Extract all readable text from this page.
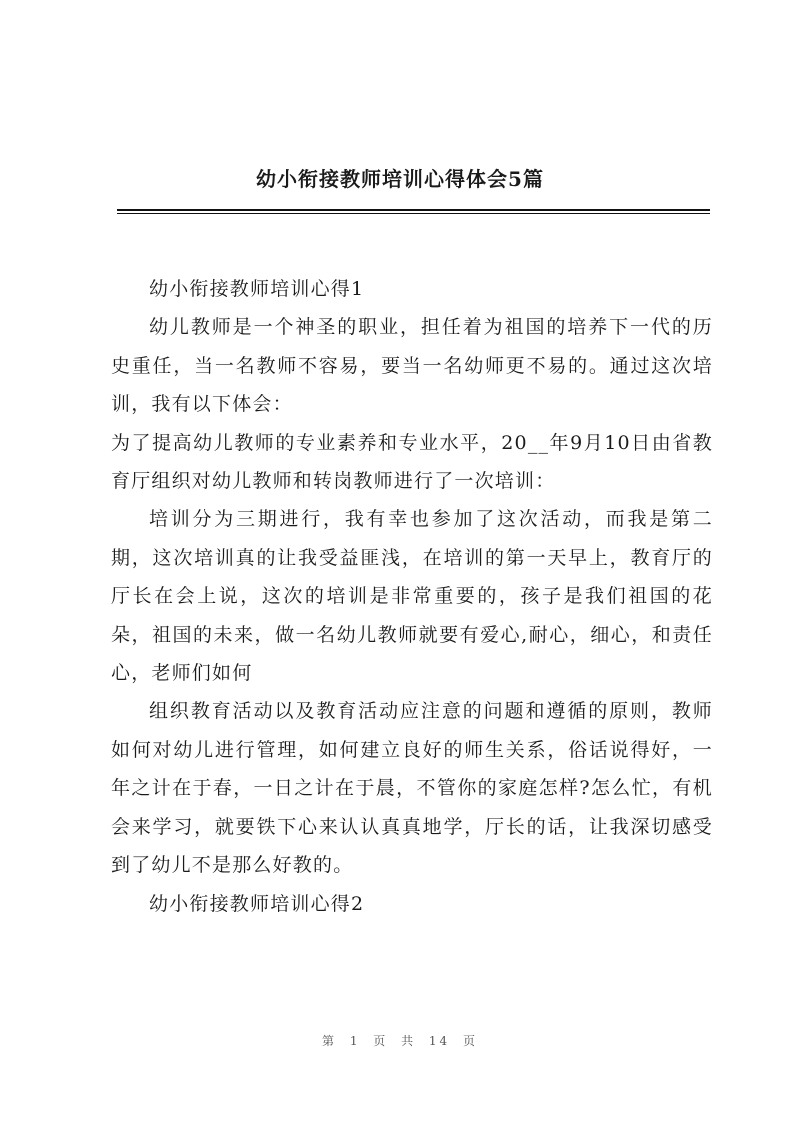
幼小衔接教师培训心得体会5篇

幼小衔接教师培训心得1

幼儿教师是一个神圣的职业，担任着为祖国的培养下一代的历史重任，当一名教师不容易，要当一名幼师更不易的。通过这次培训，我有以下体会：

为了提高幼儿教师的专业素养和专业水平，20__年9月10日由省教育厅组织对幼儿教师和转岗教师进行了一次培训：

培训分为三期进行，我有幸也参加了这次活动，而我是第二期，这次培训真的让我受益匪浅，在培训的第一天早上，教育厅的厅长在会上说，这次的培训是非常重要的，孩子是我们祖国的花朵，祖国的未来，做一名幼儿教师就要有爱心,耐心，细心，和责任心，老师们如何

组织教育活动以及教育活动应注意的问题和遵循的原则，教师如何对幼儿进行管理，如何建立良好的师生关系，俗话说得好，一年之计在于春，一日之计在于晨，不管你的家庭怎样?怎么忙，有机会来学习，就要铁下心来认认真真地学，厅长的话，让我深切感受到了幼儿不是那么好教的。

幼小衔接教师培训心得2

第 1 页 共 14 页
